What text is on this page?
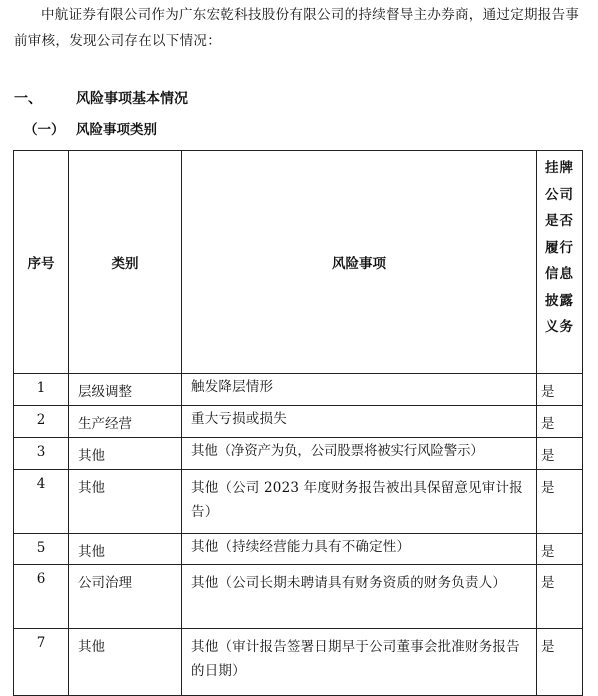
中航证券有限公司作为广东宏乾科技股份有限公司的持续督导主办券商，通过定期报告事前审核，发现公司存在以下情况：

一、 风险事项基本情况
（一） 风险事项类别
序号	类别	风险事项	挂牌公司是否履行信息披露义务

1	层级调整	触发降层情形	是
2	生产经营	重大亏损或损失	是
3	其他	其他（净资产为负，公司股票将被实行风险警示）	是
4	其他	其他（公司 2023 年度财务报告被出具保留意见审计报告）	是
5	其他	其他（持续经营能力具有不确定性）	是
6	公司治理	其他（公司长期未聘请具有财务资质的财务负责人）	是
7	其他	其他（审计报告签署日期早于公司董事会批准财务报告的日期）	是
